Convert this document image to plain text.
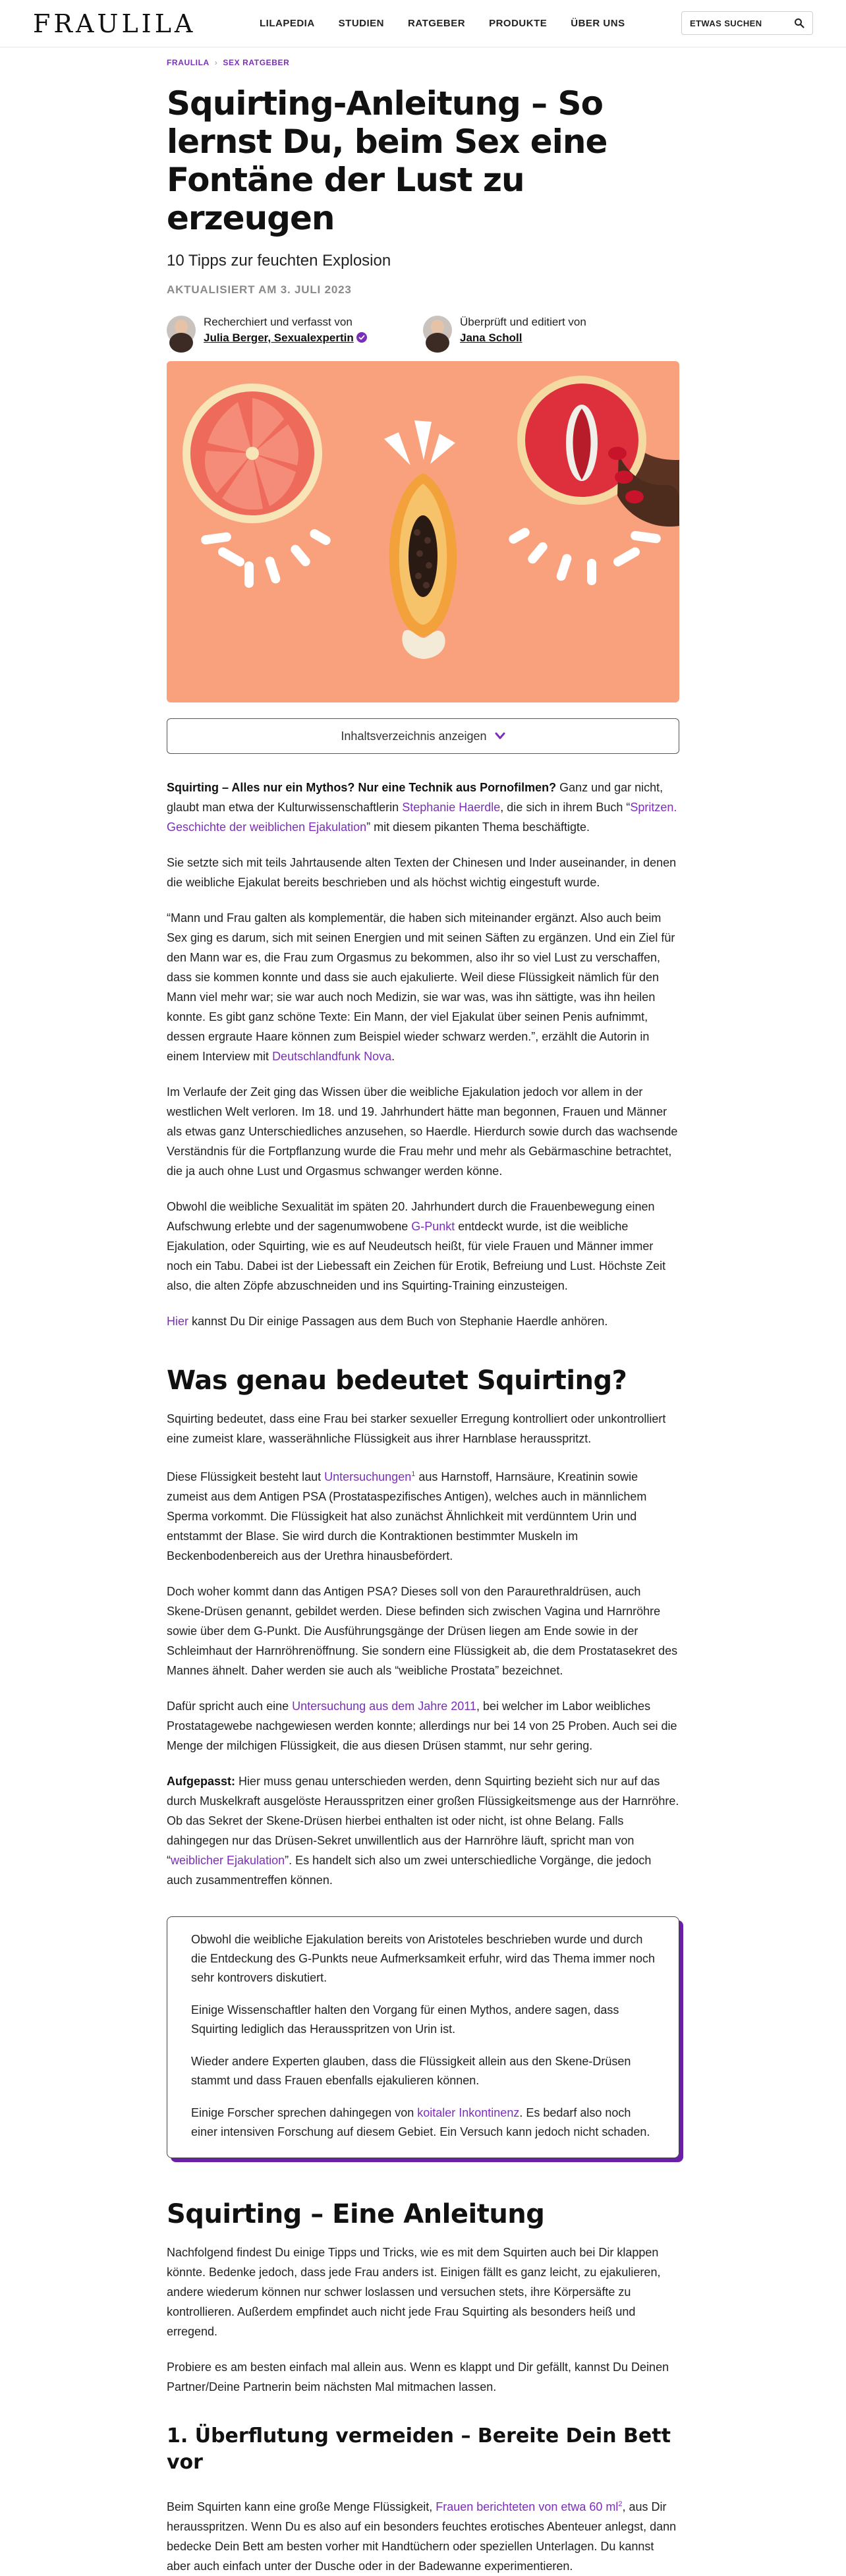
FRAULILA	LILAPEDIA STUDIEN RATGEBER PRODUKTE ÜBER UNS
ETWAS SUCHEN
FRAULILA › SEX RATGEBER
Squirting-Anleitung – So lernst Du, beim Sex eine Fontäne der Lust zu erzeugen
10 Tipps zur feuchten Explosion
AKTUALISIERT AM 3. JULI 2023
Recherchiert und verfasst von
Julia Berger, Sexualexpertin
Überprüft und editiert von
Jana Scholl
Inhaltsverzeichnis anzeigen

Squirting – Alles nur ein Mythos? Nur eine Technik aus Pornofilmen? Ganz und gar nicht, glaubt man etwa der Kulturwissenschaftlerin Stephanie Haerdle, die sich in ihrem Buch “Spritzen. Geschichte der weiblichen Ejakulation” mit diesem pikanten Thema beschäftigte.

Sie setzte sich mit teils Jahrtausende alten Texten der Chinesen und Inder auseinander, in denen die weibliche Ejakulat bereits beschrieben und als höchst wichtig eingestuft wurde.

“Mann und Frau galten als komplementär, die haben sich miteinander ergänzt. Also auch beim Sex ging es darum, sich mit seinen Energien und mit seinen Säften zu ergänzen. Und ein Ziel für den Mann war es, die Frau zum Orgasmus zu bekommen, also ihr so viel Lust zu verschaffen, dass sie kommen konnte und dass sie auch ejakulierte. Weil diese Flüssigkeit nämlich für den Mann viel mehr war; sie war auch noch Medizin, sie war was, was ihn sättigte, was ihn heilen konnte. Es gibt ganz schöne Texte: Ein Mann, der viel Ejakulat über seinen Penis aufnimmt, dessen ergraute Haare können zum Beispiel wieder schwarz werden.”, erzählt die Autorin in einem Interview mit Deutschlandfunk Nova.

Im Verlaufe der Zeit ging das Wissen über die weibliche Ejakulation jedoch vor allem in der westlichen Welt verloren. Im 18. und 19. Jahrhundert hätte man begonnen, Frauen und Männer als etwas ganz Unterschiedliches anzusehen, so Haerdle. Hierdurch sowie durch das wachsende Verständnis für die Fortpflanzung wurde die Frau mehr und mehr als Gebärmaschine betrachtet, die ja auch ohne Lust und Orgasmus schwanger werden könne.

Obwohl die weibliche Sexualität im späten 20. Jahrhundert durch die Frauenbewegung einen Aufschwung erlebte und der sagenumwobene G-Punkt entdeckt wurde, ist die weibliche Ejakulation, oder Squirting, wie es auf Neudeutsch heißt, für viele Frauen und Männer immer noch ein Tabu. Dabei ist der Liebessaft ein Zeichen für Erotik, Befreiung und Lust. Höchste Zeit also, die alten Zöpfe abzuschneiden und ins Squirting-Training einzusteigen.

Hier kannst Du Dir einige Passagen aus dem Buch von Stephanie Haerdle anhören.

Was genau bedeutet Squirting?

Squirting bedeutet, dass eine Frau bei starker sexueller Erregung kontrolliert oder unkontrolliert eine zumeist klare, wasserähnliche Flüssigkeit aus ihrer Harnblase herausspritzt.

Diese Flüssigkeit besteht laut Untersuchungen$^1$ aus Harnstoff, Harnsäure, Kreatinin sowie zumeist aus dem Antigen PSA (Prostataspezifisches Antigen), welches auch in männlichem Sperma vorkommt. Die Flüssigkeit hat also zunächst Ähnlichkeit mit verdünntem Urin und entstammt der Blase. Sie wird durch die Kontraktionen bestimmter Muskeln im Beckenbodenbereich aus der Urethra hinausbefördert.

Doch woher kommt dann das Antigen PSA? Dieses soll von den Paraurethraldrüsen, auch Skene-Drüsen genannt, gebildet werden. Diese befinden sich zwischen Vagina und Harnröhre sowie über dem G-Punkt. Die Ausführungsgänge der Drüsen liegen am Ende sowie in der Schleimhaut der Harnröhrenöffnung. Sie sondern eine Flüssigkeit ab, die dem Prostatasekret des Mannes ähnelt. Daher werden sie auch als “weibliche Prostata” bezeichnet.

Dafür spricht auch eine Untersuchung aus dem Jahre 2011, bei welcher im Labor weibliches Prostatagewebe nachgewiesen werden konnte; allerdings nur bei 14 von 25 Proben. Auch sei die Menge der milchigen Flüssigkeit, die aus diesen Drüsen stammt, nur sehr gering.

Aufgepasst: Hier muss genau unterschieden werden, denn Squirting bezieht sich nur auf das durch Muskelkraft ausgelöste Herausspritzen einer großen Flüssigkeitsmenge aus der Harnröhre. Ob das Sekret der Skene-Drüsen hierbei enthalten ist oder nicht, ist ohne Belang. Falls dahingegen nur das Drüsen-Sekret unwillentlich aus der Harnröhre läuft, spricht man von “weiblicher Ejakulation”. Es handelt sich also um zwei unterschiedliche Vorgänge, die jedoch auch zusammentreffen können.

Obwohl die weibliche Ejakulation bereits von Aristoteles beschrieben wurde und durch die Entdeckung des G-Punkts neue Aufmerksamkeit erfuhr, wird das Thema immer noch sehr kontrovers diskutiert.

Einige Wissenschaftler halten den Vorgang für einen Mythos, andere sagen, dass Squirting lediglich das Herausspritzen von Urin ist.

Wieder andere Experten glauben, dass die Flüssigkeit allein aus den Skene-Drüsen stammt und dass Frauen ebenfalls ejakulieren können.

Einige Forscher sprechen dahingegen von koitaler Inkontinenz. Es bedarf also noch einer intensiven Forschung auf diesem Gebiet. Ein Versuch kann jedoch nicht schaden.

Squirting – Eine Anleitung

Nachfolgend findest Du einige Tipps und Tricks, wie es mit dem Squirten auch bei Dir klappen könnte. Bedenke jedoch, dass jede Frau anders ist. Einigen fällt es ganz leicht, zu ejakulieren, andere wiederum können nur schwer loslassen und versuchen stets, ihre Körpersäfte zu kontrollieren. Außerdem empfindet auch nicht jede Frau Squirting als besonders heiß und erregend.

Probiere es am besten einfach mal allein aus. Wenn es klappt und Dir gefällt, kannst Du Deinen Partner/Deine Partnerin beim nächsten Mal mitmachen lassen.

1. Überflutung vermeiden – Bereite Dein Bett vor

Beim Squirten kann eine große Menge Flüssigkeit, Frauen berichteten von etwa 60 $ml^2$, aus Dir herausspritzen. Wenn Du es also auf ein besonders feuchtes erotisches Abenteuer anlegst, dann bedecke Dein Bett am besten vorher mit Handtüchern oder speziellen Unterlagen. Du kannst aber auch einfach unter der Dusche oder in der Badewanne experimentieren.
